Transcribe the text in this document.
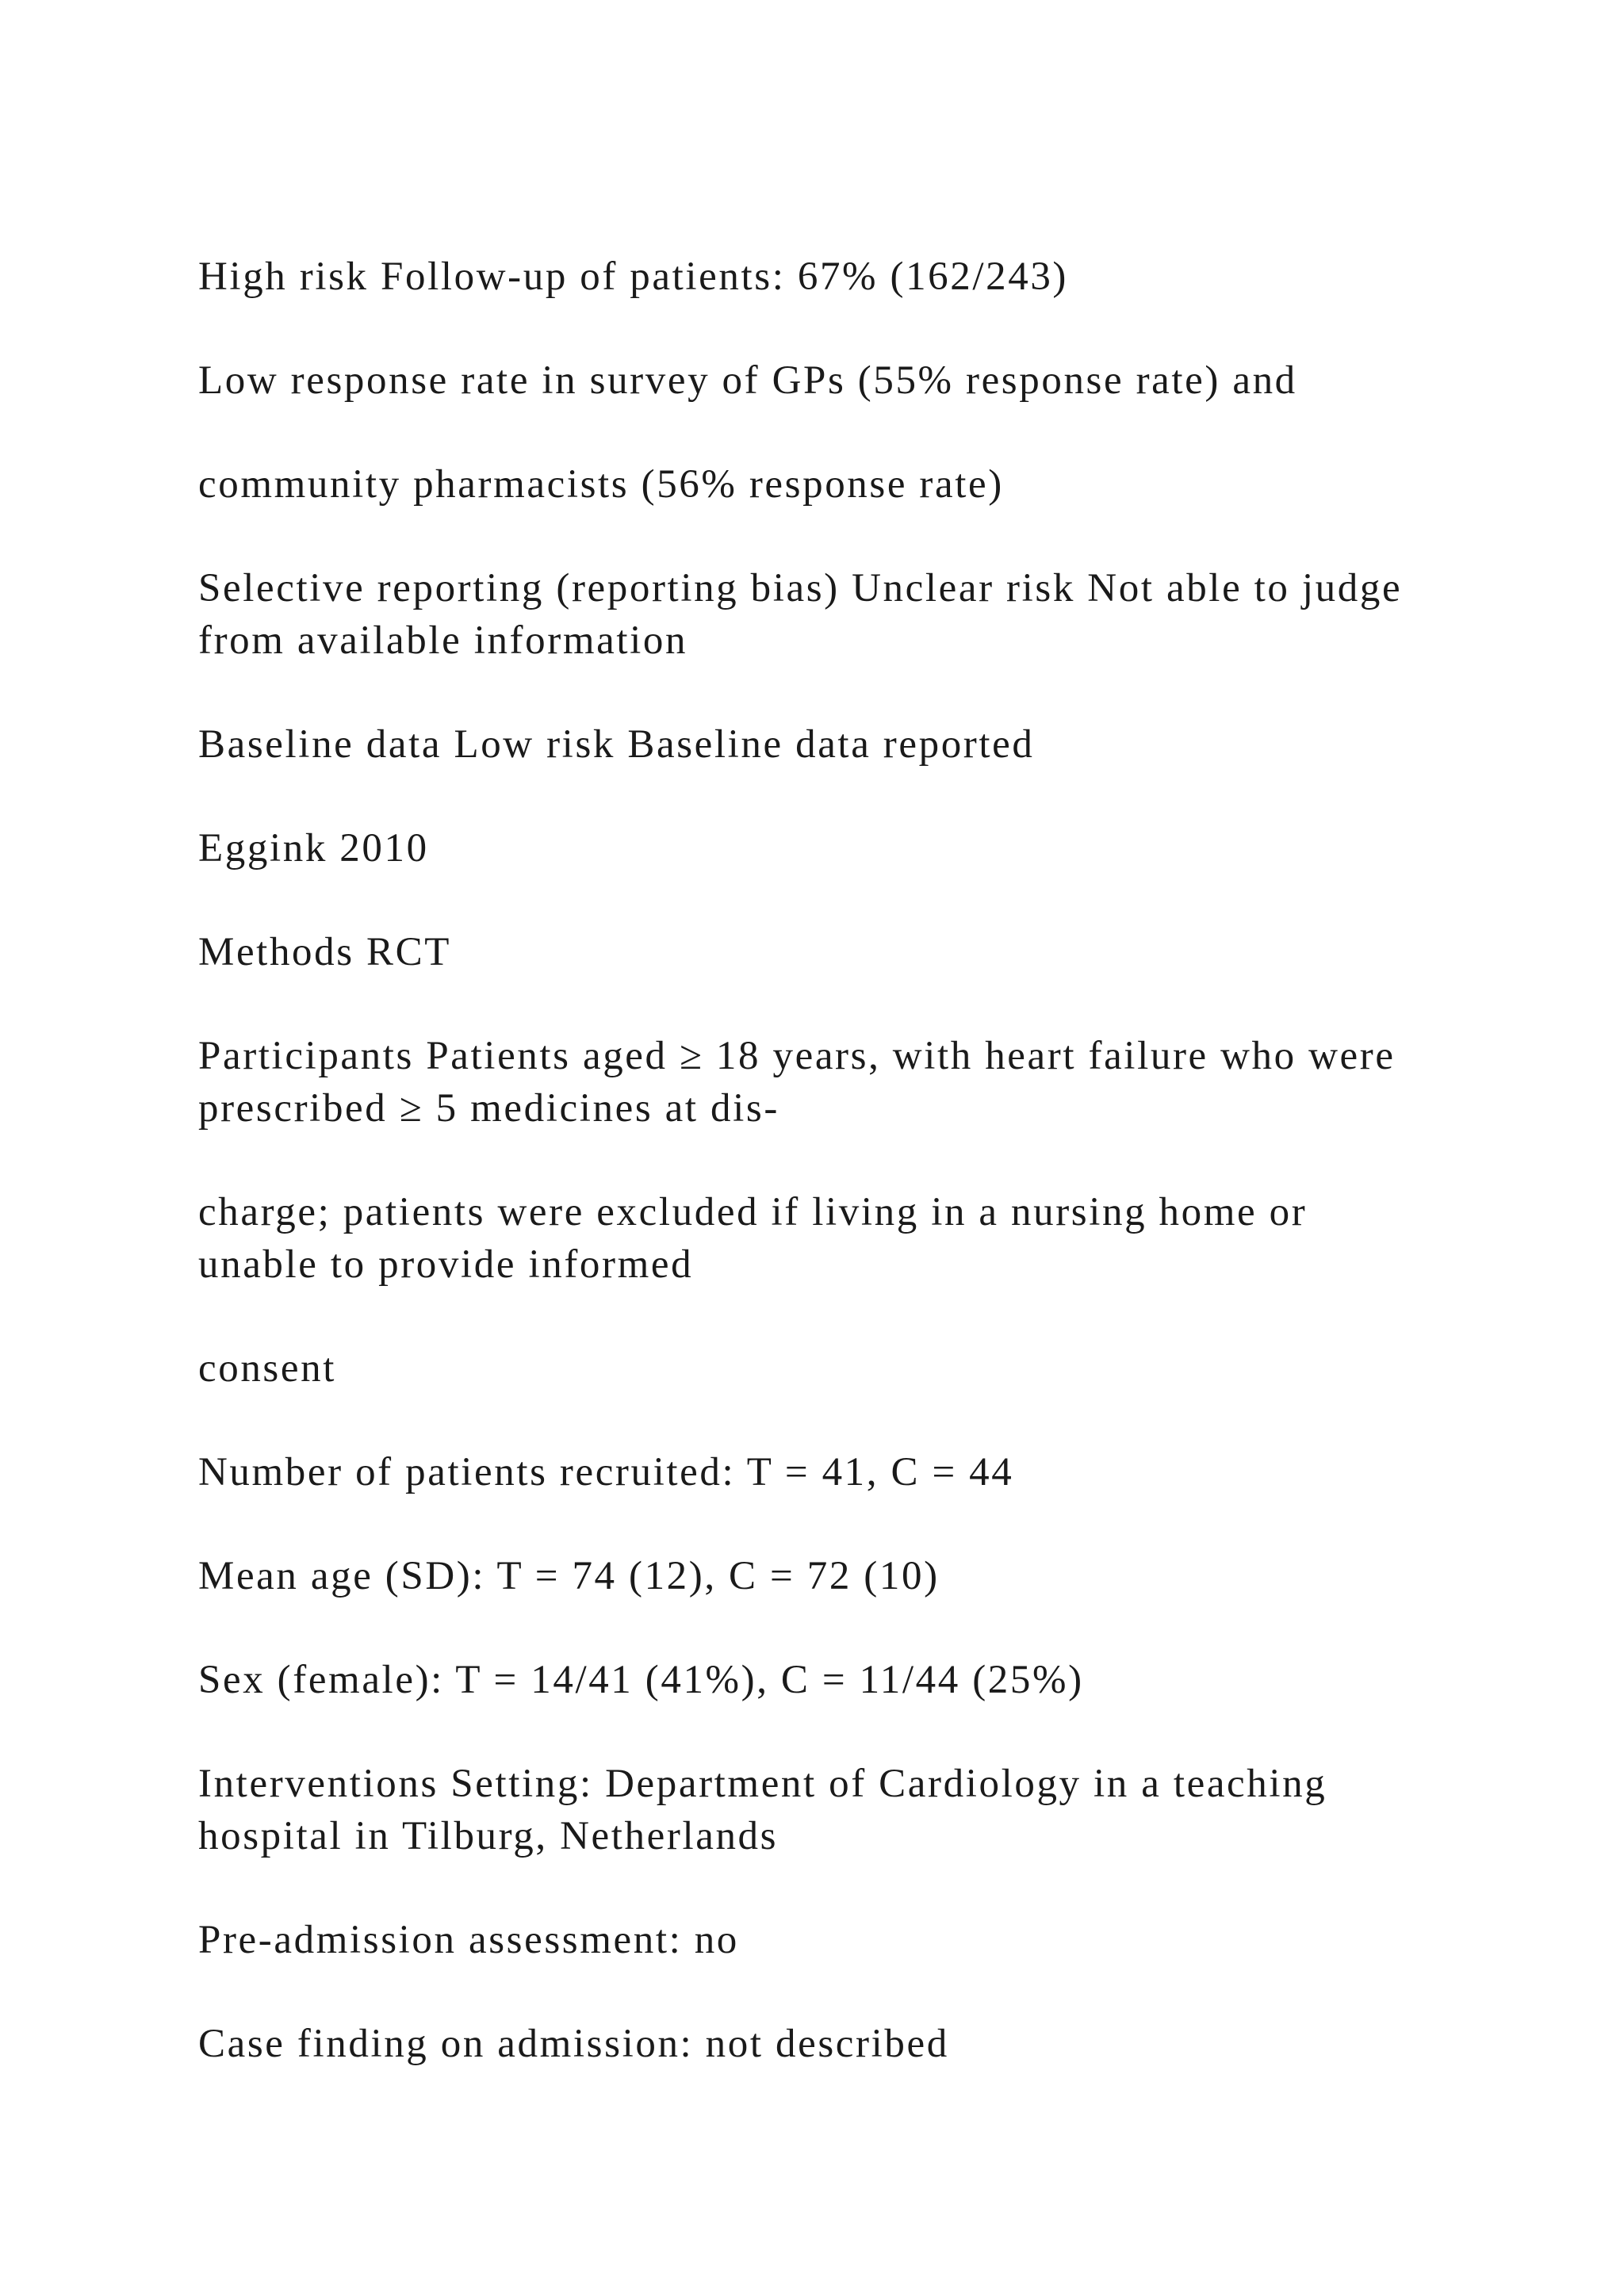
High risk Follow-up of patients: 67% (162/243)

Low response rate in survey of GPs (55% response rate) and

community pharmacists (56% response rate)

Selective reporting (reporting bias) Unclear risk Not able to judge from available information

Baseline data Low risk Baseline data reported

Eggink 2010

Methods RCT

Participants Patients aged ≥ 18 years, with heart failure who were prescribed ≥ 5 medicines at dis-

charge; patients were excluded if living in a nursing home or unable to provide informed

consent

Number of patients recruited: T = 41, C = 44

Mean age (SD): T = 74 (12), C = 72 (10)

Sex (female): T = 14/41 (41%), C = 11/44 (25%)

Interventions Setting: Department of Cardiology in a teaching hospital in Tilburg, Netherlands

Pre-admission assessment: no

Case finding on admission: not described
